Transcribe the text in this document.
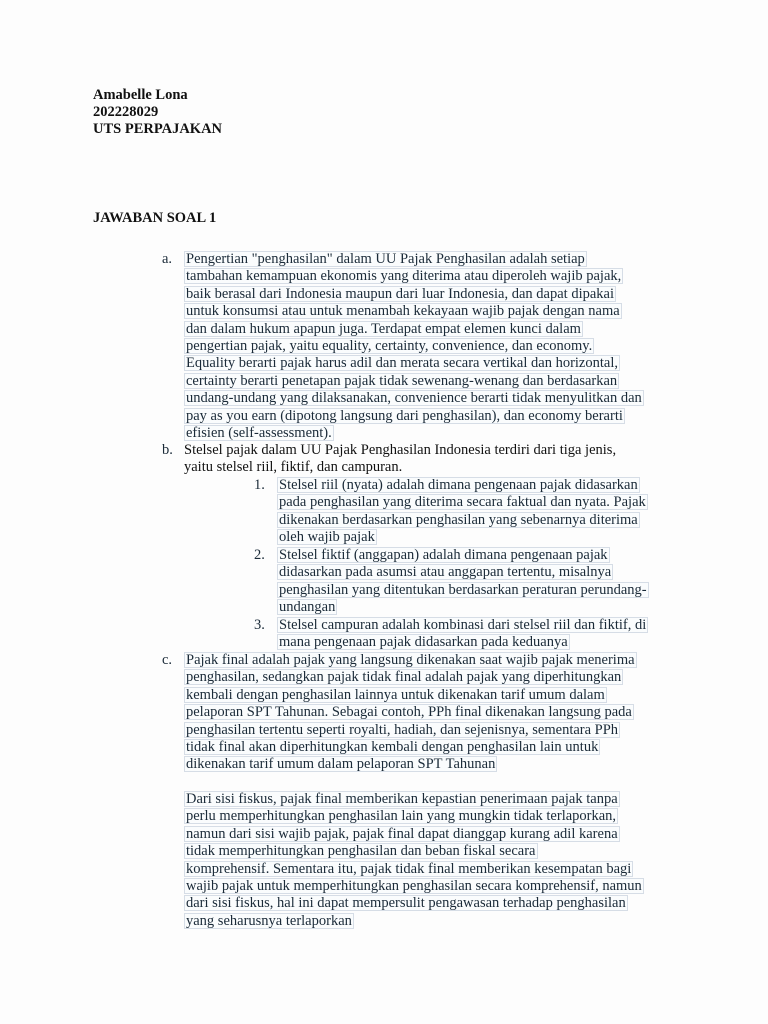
Amabelle Lona
202228029
UTS PERPAJAKAN
JAWABAN SOAL 1
a. Pengertian "penghasilan" dalam UU Pajak Penghasilan adalah setiap
tambahan kemampuan ekonomis yang diterima atau diperoleh wajib pajak,
baik berasal dari Indonesia maupun dari luar Indonesia, dan dapat dipakai
untuk konsumsi atau untuk menambah kekayaan wajib pajak dengan nama
dan dalam hukum apapun juga. Terdapat empat elemen kunci dalam
pengertian pajak, yaitu equality, certainty, convenience, dan economy.
Equality berarti pajak harus adil dan merata secara vertikal dan horizontal,
certainty berarti penetapan pajak tidak sewenang-wenang dan berdasarkan
undang-undang yang dilaksanakan, convenience berarti tidak menyulitkan dan
pay as you earn (dipotong langsung dari penghasilan), dan economy berarti
efisien (self-assessment).
b. Stelsel pajak dalam UU Pajak Penghasilan Indonesia terdiri dari tiga jenis,
yaitu stelsel riil, fiktif, dan campuran.
1. Stelsel riil (nyata) adalah dimana pengenaan pajak didasarkan
pada penghasilan yang diterima secara faktual dan nyata. Pajak
dikenakan berdasarkan penghasilan yang sebenarnya diterima
oleh wajib pajak
2. Stelsel fiktif (anggapan) adalah dimana pengenaan pajak
didasarkan pada asumsi atau anggapan tertentu, misalnya
penghasilan yang ditentukan berdasarkan peraturan perundang-
undangan
3. Stelsel campuran adalah kombinasi dari stelsel riil dan fiktif, di
mana pengenaan pajak didasarkan pada keduanya
c. Pajak final adalah pajak yang langsung dikenakan saat wajib pajak menerima
penghasilan, sedangkan pajak tidak final adalah pajak yang diperhitungkan
kembali dengan penghasilan lainnya untuk dikenakan tarif umum dalam
pelaporan SPT Tahunan. Sebagai contoh, PPh final dikenakan langsung pada
penghasilan tertentu seperti royalti, hadiah, dan sejenisnya, sementara PPh
tidak final akan diperhitungkan kembali dengan penghasilan lain untuk
dikenakan tarif umum dalam pelaporan SPT Tahunan
Dari sisi fiskus, pajak final memberikan kepastian penerimaan pajak tanpa
perlu memperhitungkan penghasilan lain yang mungkin tidak terlaporkan,
namun dari sisi wajib pajak, pajak final dapat dianggap kurang adil karena
tidak memperhitungkan penghasilan dan beban fiskal secara
komprehensif. Sementara itu, pajak tidak final memberikan kesempatan bagi
wajib pajak untuk memperhitungkan penghasilan secara komprehensif, namun
dari sisi fiskus, hal ini dapat mempersulit pengawasan terhadap penghasilan
yang seharusnya terlaporkan
